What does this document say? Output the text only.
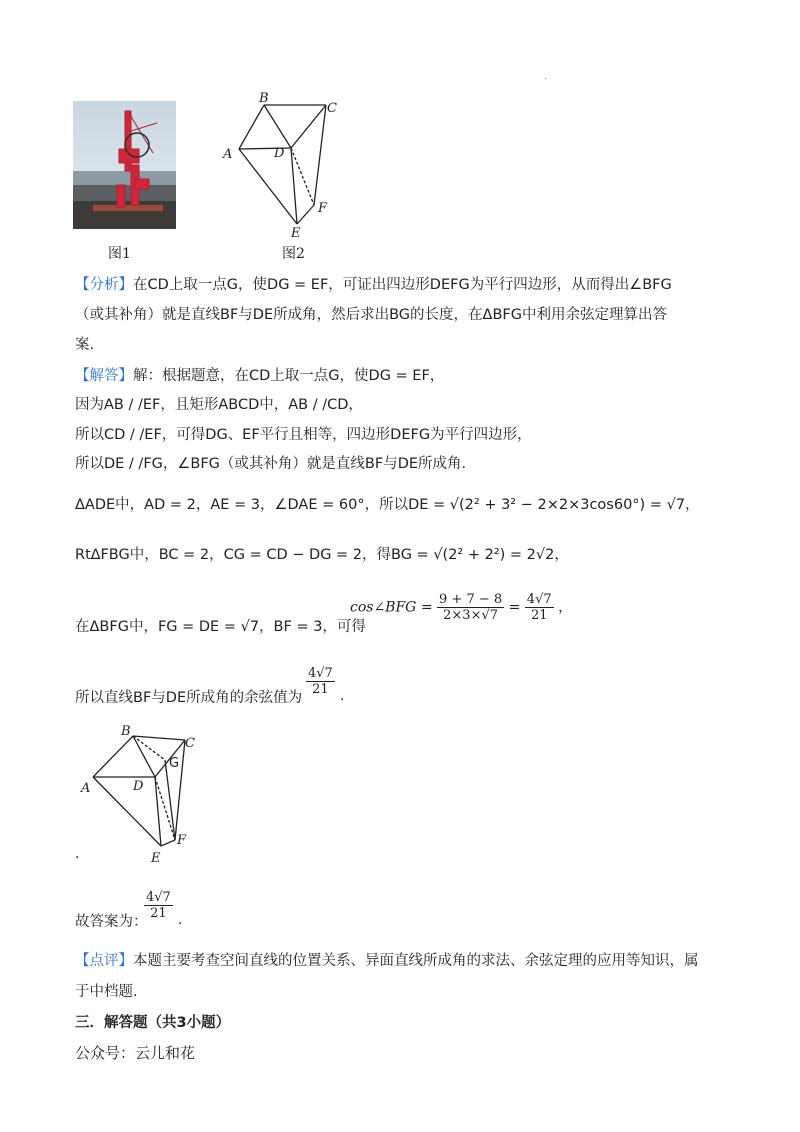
·
图1
B
C
A	D
E
F
图2
【分析】在CD上取一点G，使DG = EF，可证出四边形DEFG为平行四边形，从而得出∠BFG
（或其补角）就是直线BF与DE所成角，然后求出BG的长度，在ΔBFG中利用余弦定理算出答
案.
【解答】解：根据题意，在CD上取一点G，使DG = EF，
因为AB / /EF，且矩形ABCD中，AB / /CD，
所以CD / /EF，可得DG、EF平行且相等，四边形DEFG为平行四边形，
所以DE / /FG，∠BFG（或其补角）就是直线BF与DE所成角.
ΔADE中，AD = 2，AE = 3，∠DAE = 60°，所以DE = √(2² + 3² − 2×2×3cos60°) = √7，
Rt∆FBG中，BC = 2，CG = CD − DG = 2，得BG = √(2² + 2²) = 2√2，
cos∠BFG = $\frac{9 + 7 - 8}{2\times 3\times√7} = \frac{4√7}{21}$ ，
在ΔBFG中，FG = DE = √7，BF = 3，可得
所以直线BF与DE所成角的余弦值为
$\frac{4√7}{21}$ .
B
C
G
A	D
E
F
.
故答案为：
$\frac{4√7}{21}$ .
【点评】本题主要考查空间直线的位置关系、异面直线所成角的求法、余弦定理的应用等知识，属
于中档题.
三．解答题（共3小题）
公众号：云儿和花
